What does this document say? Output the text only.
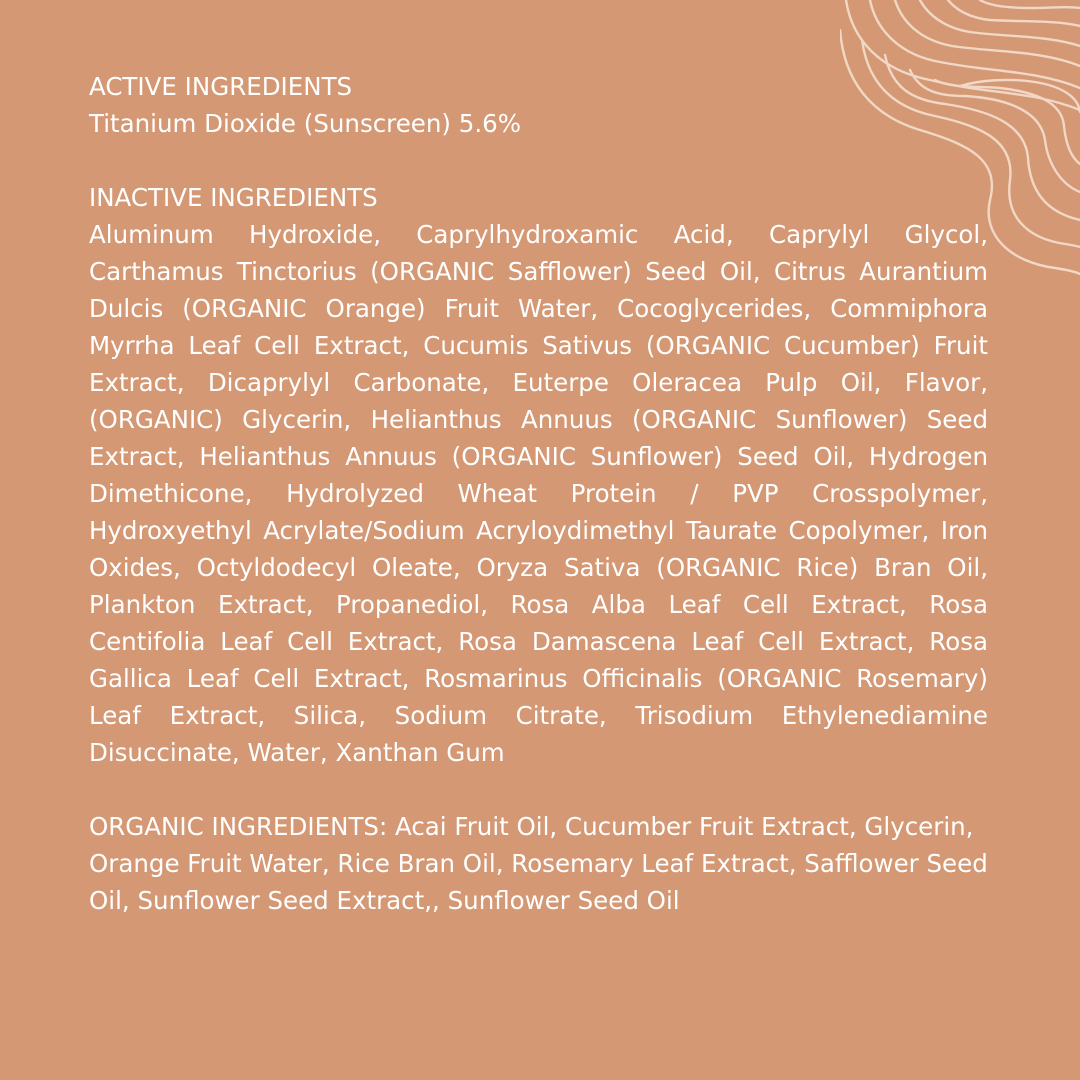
ACTIVE INGREDIENTS

Titanium Dioxide (Sunscreen) 5.6%

INACTIVE INGREDIENTS

Aluminum Hydroxide, Caprylhydroxamic Acid, Caprylyl Glycol, Carthamus Tinctorius (ORGANIC Safflower) Seed Oil, Citrus Aurantium Dulcis (ORGANIC Orange) Fruit Water, Cocoglycerides, Commiphora Myrrha Leaf Cell Extract, Cucumis Sativus (ORGANIC Cucumber) Fruit Extract, Dicaprylyl Carbonate, Euterpe Oleracea Pulp Oil, Flavor, (ORGANIC) Glycerin, Helianthus Annuus (ORGANIC Sunflower) Seed Extract, Helianthus Annuus (ORGANIC Sunflower) Seed Oil, Hydrogen Dimethicone, Hydrolyzed Wheat Protein / PVP Crosspolymer, Hydroxyethyl Acrylate/Sodium Acryloydimethyl Taurate Copolymer, Iron Oxides, Octyldodecyl Oleate, Oryza Sativa (ORGANIC Rice) Bran Oil, Plankton Extract, Propanediol, Rosa Alba Leaf Cell Extract, Rosa Centifolia Leaf Cell Extract, Rosa Damascena Leaf Cell Extract, Rosa Gallica Leaf Cell Extract, Rosmarinus Officinalis (ORGANIC Rosemary) Leaf Extract, Silica, Sodium Citrate, Trisodium Ethylenediamine Disuccinate, Water, Xanthan Gum

ORGANIC INGREDIENTS: Acai Fruit Oil, Cucumber Fruit Extract, Glycerin, Orange Fruit Water, Rice Bran Oil, Rosemary Leaf Extract, Safflower Seed Oil, Sunflower Seed Extract,, Sunflower Seed Oil
